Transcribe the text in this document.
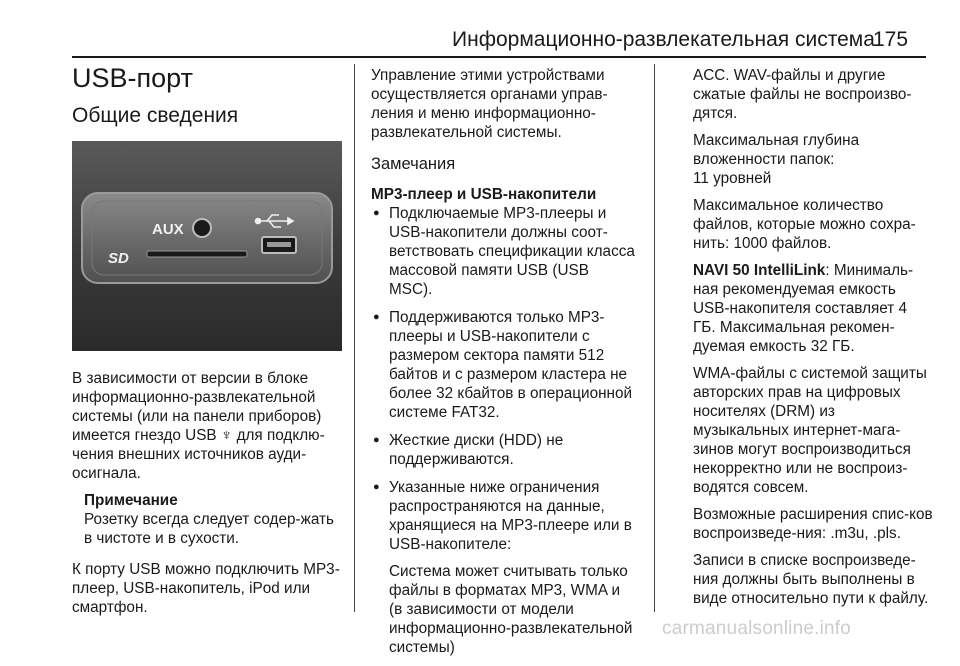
Информационно-развлекательная система
175
USB-порт
Общие сведения
AUX
SD

В зависимости от версии в блоке информационно-развлекательной системы (или на панели приборов) имеется гнездо USB ♆ для подклю-чения внешних источников ауди-осигнала.

Примечание
Розетку всегда следует содер-жать в чистоте и в сухости.

К порту USB можно подключить MP3-плеер, USB-накопитель, iPod или смартфон.

Управление этими устройствами осуществляется органами управ-ления и меню информационно-развлекательной системы.

Замечания
MP3-плеер и USB-накопители
● Подключаемые MP3-плееры и USB-накопители должны соот-ветствовать спецификации класса массовой памяти USB (USB MSC).
● Поддерживаются только MP3-плееры и USB-накопители с размером сектора памяти 512 байтов и с размером кластера не более 32 кбайтов в операционной системе FAT32.
● Жесткие диски (HDD) не поддерживаются.
● Указанные ниже ограничения распространяются на данные, хранящиеся на MP3-плеере или в USB-накопителе:
Система может считывать только файлы в форматах MP3, WMA и (в зависимости от модели информационно-развлекательной системы)

ACC. WAV-файлы и другие сжатые файлы не воспроизво-дятся.

Максимальная глубина вложенности папок:
11 уровней

Максимальное количество файлов, которые можно сохра-нить: 1000 файлов.

NAVI 50 IntelliLink: Минималь-ная рекомендуемая емкость USB-накопителя составляет 4 ГБ. Максимальная рекомен-дуемая емкость 32 ГБ.

WMA-файлы с системой защиты авторских прав на цифровых носителях (DRM) из музыкальных интернет-мага-зинов могут воспроизводиться некорректно или не воспроиз-водятся совсем.

Возможные расширения спис-ков воспроизведе-ния: .m3u, .pls.

Записи в списке воспроизведе-ния должны быть выполнены в виде относительно пути к файлу.

carmanualsonline.info
